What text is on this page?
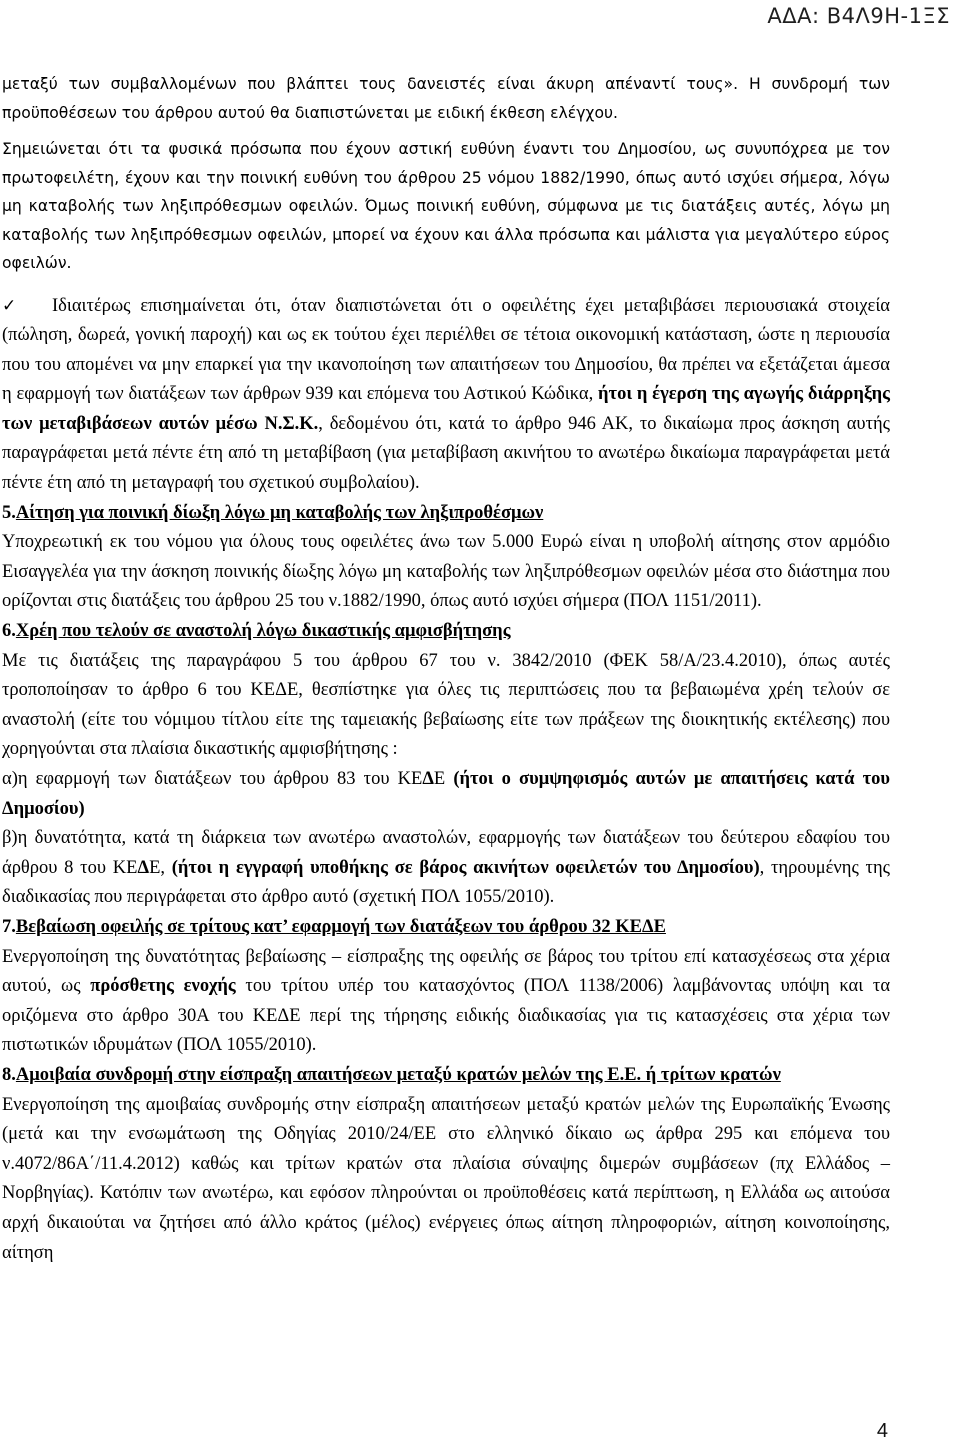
ΑΔΑ: Β4Λ9Η-1ΞΣ

μεταξύ των συμβαλλομένων που βλάπτει τους δανειστές είναι άκυρη απέναντί τους». Η συνδρομή των προϋποθέσεων του άρθρου αυτού θα διαπιστώνεται με ειδική έκθεση ελέγχου.

Σημειώνεται ότι τα φυσικά πρόσωπα που έχουν αστική ευθύνη έναντι του Δημοσίου, ως συνυπόχρεα με τον πρωτοφειλέτη, έχουν και την ποινική ευθύνη του άρθρου 25 νόμου 1882/1990, όπως αυτό ισχύει σήμερα, λόγω μη καταβολής των ληξιπρόθεσμων οφειλών. Όμως ποινική ευθύνη, σύμφωνα με τις διατάξεις αυτές, λόγω μη καταβολής των ληξιπρόθεσμων οφειλών, μπορεί να έχουν και άλλα πρόσωπα και μάλιστα για μεγαλύτερο εύρος οφειλών.

✓ Ιδιαιτέρως επισημαίνεται ότι, όταν διαπιστώνεται ότι ο οφειλέτης έχει μεταβιβάσει περιουσιακά στοιχεία (πώληση, δωρεά, γονική παροχή) και ως εκ τούτου έχει περιέλθει σε τέτοια οικονομική κατάσταση, ώστε η περιουσία που του απομένει να μην επαρκεί για την ικανοποίηση των απαιτήσεων του Δημοσίου, θα πρέπει να εξετάζεται άμεσα η εφαρμογή των διατάξεων των άρθρων 939 και επόμενα του Αστικού Κώδικα, ήτοι η έγερση της αγωγής διάρρηξης των μεταβιβάσεων αυτών μέσω Ν.Σ.Κ., δεδομένου ότι, κατά το άρθρο 946 ΑΚ, το δικαίωμα προς άσκηση αυτής παραγράφεται μετά πέντε έτη από τη μεταβίβαση (για μεταβίβαση ακινήτου το ανωτέρω δικαίωμα παραγράφεται μετά πέντε έτη από τη μεταγραφή του σχετικού συμβολαίου).

5.Αίτηση για ποινική δίωξη λόγω μη καταβολής των ληξιπροθέσμων

Υποχρεωτική εκ του νόμου για όλους τους οφειλέτες άνω των 5.000 Ευρώ είναι η υποβολή αίτησης στον αρμόδιο Εισαγγελέα για την άσκηση ποινικής δίωξης λόγω μη καταβολής των ληξιπρόθεσμων οφειλών μέσα στο διάστημα που ορίζονται στις διατάξεις του άρθρου 25 του ν.1882/1990, όπως αυτό ισχύει σήμερα (ΠΟΛ 1151/2011).

6.Χρέη που τελούν σε αναστολή λόγω δικαστικής αμφισβήτησης

Με τις διατάξεις της παραγράφου 5 του άρθρου 67 του ν. 3842/2010 (ΦΕΚ 58/Α/23.4.2010), όπως αυτές τροποποίησαν το άρθρο 6 του ΚΕΔΕ, θεσπίστηκε για όλες τις περιπτώσεις που τα βεβαιωμένα χρέη τελούν σε αναστολή (είτε του νόμιμου τίτλου είτε της ταμειακής βεβαίωσης είτε των πράξεων της διοικητικής εκτέλεσης) που χορηγούνται στα πλαίσια δικαστικής αμφισβήτησης :

α)η εφαρμογή των διατάξεων του άρθρου 83 του ΚΕΔΕ (ήτοι ο συμψηφισμός αυτών με απαιτήσεις κατά του Δημοσίου)

β)η δυνατότητα, κατά τη διάρκεια των ανωτέρω αναστολών, εφαρμογής των διατάξεων του δεύτερου εδαφίου του άρθρου 8 του ΚΕΔΕ, (ήτοι η εγγραφή υποθήκης σε βάρος ακινήτων οφειλετών του Δημοσίου), τηρουμένης της διαδικασίας που περιγράφεται στο άρθρο αυτό (σχετική ΠΟΛ 1055/2010).

7.Βεβαίωση οφειλής σε τρίτους κατ’ εφαρμογή των διατάξεων του άρθρου 32 ΚΕΔΕ

Ενεργοποίηση της δυνατότητας βεβαίωσης – είσπραξης της οφειλής σε βάρος του τρίτου επί κατασχέσεως στα χέρια αυτού, ως πρόσθετης ενοχής του τρίτου υπέρ του κατασχόντος (ΠΟΛ 1138/2006) λαμβάνοντας υπόψη και τα οριζόμενα στο άρθρο 30Α του ΚΕΔΕ περί της τήρησης ειδικής διαδικασίας για τις κατασχέσεις στα χέρια των πιστωτικών ιδρυμάτων (ΠΟΛ 1055/2010).

8.Αμοιβαία συνδρομή στην είσπραξη απαιτήσεων μεταξύ κρατών μελών της Ε.Ε. ή τρίτων κρατών

Ενεργοποίηση της αμοιβαίας συνδρομής στην είσπραξη απαιτήσεων μεταξύ κρατών μελών της Ευρωπαϊκής Ένωσης (μετά και την ενσωμάτωση της Οδηγίας 2010/24/ΕΕ στο ελληνικό δίκαιο ως άρθρα 295 και επόμενα του ν.4072/86Α΄/11.4.2012) καθώς και τρίτων κρατών στα πλαίσια σύναψης διμερών συμβάσεων (πχ Ελλάδος – Νορβηγίας). Κατόπιν των ανωτέρω, και εφόσον πληρούνται οι προϋποθέσεις κατά περίπτωση, η Ελλάδα ως αιτούσα αρχή δικαιούται να ζητήσει από άλλο κράτος (μέλος) ενέργειες όπως αίτηση πληροφοριών, αίτηση κοινοποίησης, αίτηση

4
